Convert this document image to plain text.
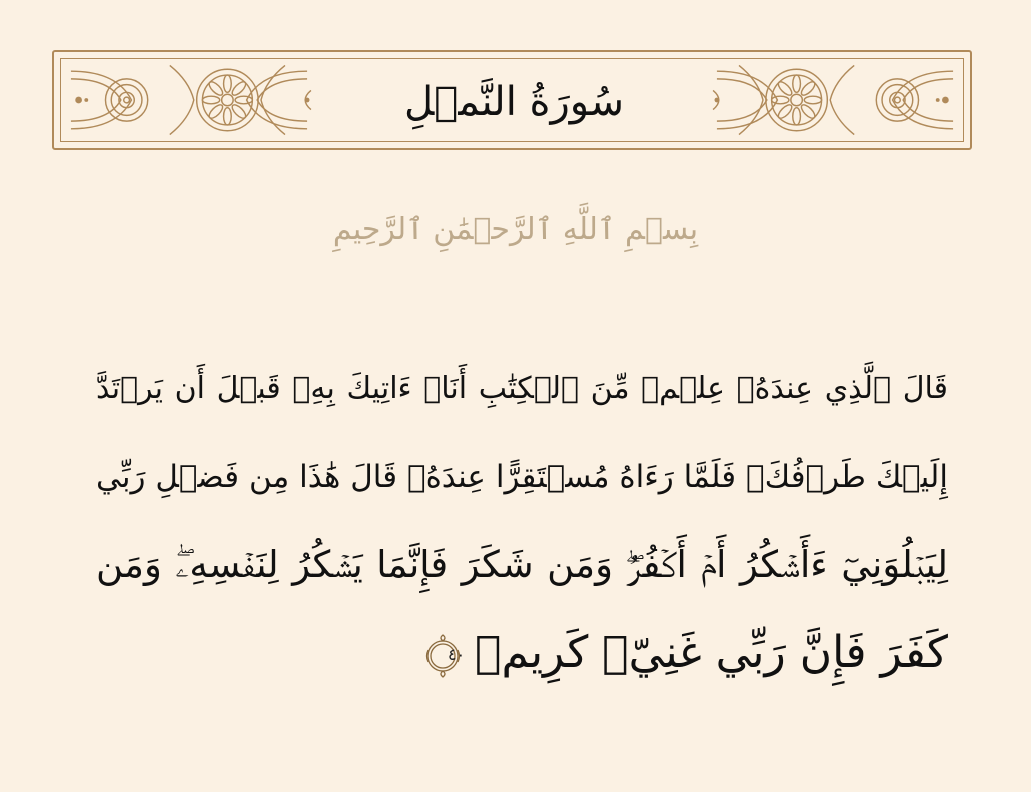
سُورَةُ النَّمۡلِ
بِسۡمِ ٱللَّهِ ٱلرَّحۡمَٰنِ ٱلرَّحِيمِ
قَالَ ٱلَّذِي عِندَهُۥ عِلۡمٞ مِّنَ ٱلۡكِتَٰبِ أَنَا۠ ءَاتِيكَ بِهِۦ قَبۡلَ أَن يَرۡتَدَّ
إِلَيۡكَ طَرۡفُكَۚ فَلَمَّا رَءَاهُ مُسۡتَقِرًّا عِندَهُۥ قَالَ هَٰذَا مِن فَضۡلِ رَبِّي
لِيَبۡلُوَنِيٓ ءَأَشۡكُرُ أَمۡ أَكۡفُرُۖ وَمَن شَكَرَ فَإِنَّمَا يَشۡكُرُ لِنَفۡسِهِۦۖ وَمَن
كَفَرَ فَإِنَّ رَبِّي غَنِيّٞ كَرِيمٞ
٤٠
